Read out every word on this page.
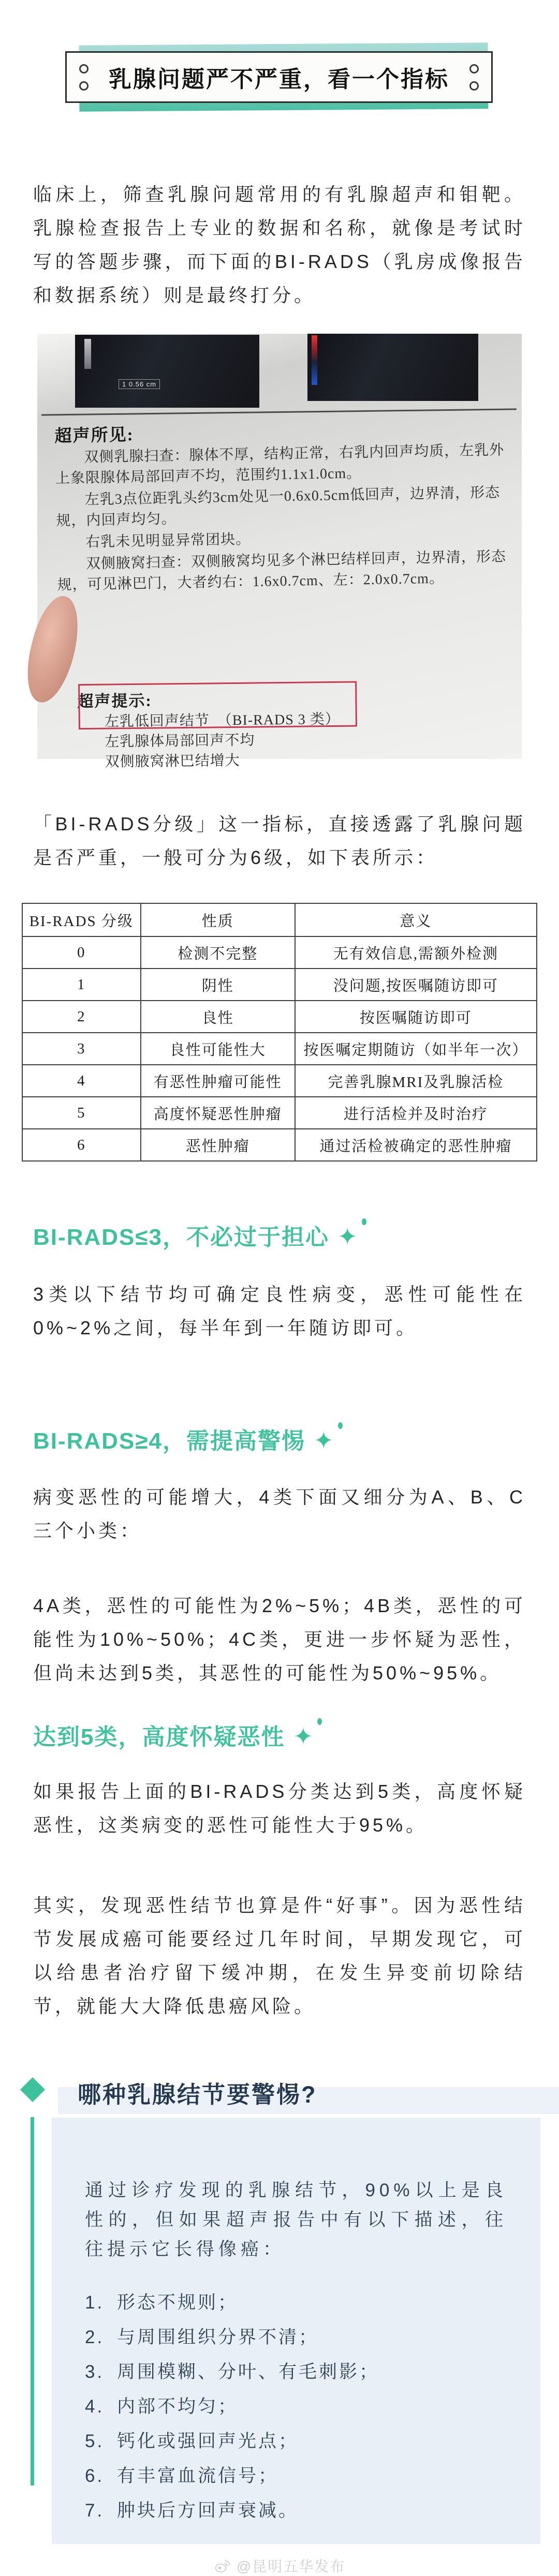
乳腺问题严不严重，看一个指标

临床上，筛查乳腺问题常用的有乳腺超声和钼靶。乳腺检查报告上专业的数据和名称，就像是考试时写的答题步骤，而下面的BI-RADS（乳房成像报告和数据系统）则是最终打分。

1 0.56 cm
超声所见:

双侧乳腺扫查：腺体不厚，结构正常，右乳内回声均质，左乳外上象限腺体局部回声不均，范围约1.1x1.0cm。

左乳3点位距乳头约3cm处见一0.6x0.5cm低回声，边界清，形态规，内回声均匀。

右乳未见明显异常团块。

双侧腋窝扫查：双侧腋窝均见多个淋巴结样回声，边界清，形态规，可见淋巴门，大者约右：1.6x0.7cm、左：2.0x0.7cm。

超声提示:

左乳低回声结节　（BI-RADS 3 类）

左乳腺体局部回声不均

双侧腋窝淋巴结增大

「BI-RADS分级」这一指标，直接透露了乳腺问题是否严重，一般可分为6级，如下表所示：

BI-RADS 分级	性质	意义
0	检测不完整	无有效信息,需额外检测
1	阴性	没问题,按医嘱随访即可
2	良性	按医嘱随访即可
3	良性可能性大	按医嘱定期随访（如半年一次）
4	有恶性肿瘤可能性	完善乳腺MRI及乳腺活检
5	高度怀疑恶性肿瘤	进行活检并及时治疗
6	恶性肿瘤	通过活检被确定的恶性肿瘤
BI-RADS≤3，不必过于担心 ✦

3类以下结节均可确定良性病变，恶性可能性在0%~2%之间，每半年到一年随访即可。

BI-RADS≥4，需提高警惕 ✦

病变恶性的可能增大，4类下面又细分为A、B、C三个小类：

4A类，恶性的可能性为2%~5%；4B类，恶性的可能性为10%~50%；4C类，更进一步怀疑为恶性，但尚未达到5类，其恶性的可能性为50%~95%。

达到5类，高度怀疑恶性 ✦

如果报告上面的BI-RADS分类达到5类，高度怀疑恶性，这类病变的恶性可能性大于95%。

其实，发现恶性结节也算是件“好事”。因为恶性结节发展成癌可能要经过几年时间，早期发现它，可以给患者治疗留下缓冲期，在发生异变前切除结节，就能大大降低患癌风险。

哪种乳腺结节要警惕?

通过诊疗发现的乳腺结节，90%以上是良性的，但如果超声报告中有以下描述，往往提示它长得像癌：

1. 形态不规则；
2. 与周围组织分界不清；
3. 周围模糊、分叶、有毛刺影；
4. 内部不均匀；
5. 钙化或强回声光点；
6. 有丰富血流信号；
7. 肿块后方回声衰减。
@昆明五华发布
